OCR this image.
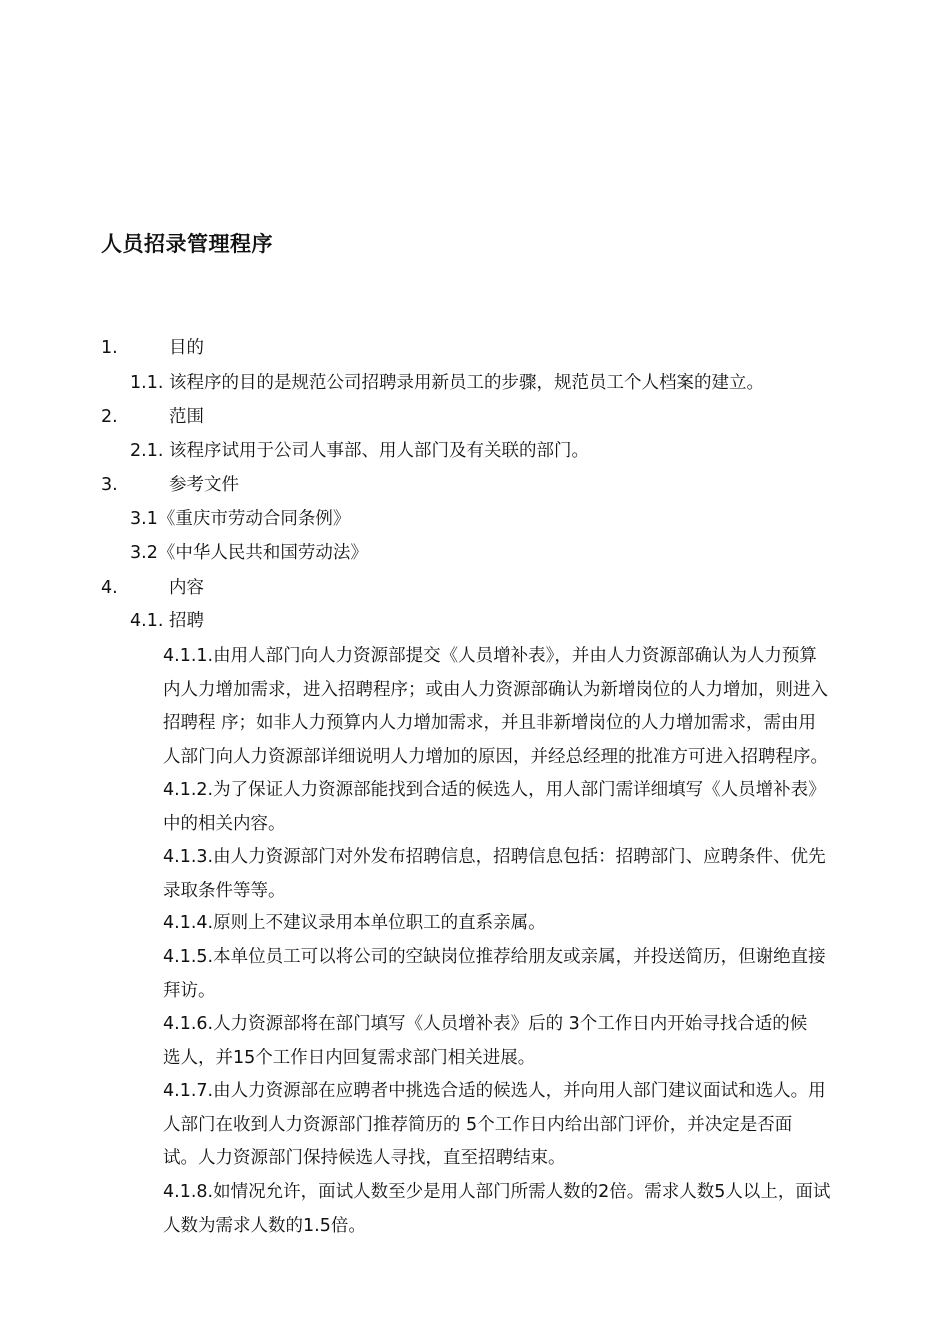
人员招录管理程序
1.	目的
1.1. 该程序的目的是规范公司招聘录用新员工的步骤，规范员工个人档案的建立。
2.	范围
2.1. 该程序试用于公司人事部、用人部门及有关联的部门。
3.	参考文件
3.1《重庆市劳动合同条例》
3.2《中华人民共和国劳动法》
4.	内容
4.1. 招聘
4.1.1.由用人部门向人力资源部提交《人员增补表》，并由人力资源部确认为人力预算
内人力增加需求，进入招聘程序；或由人力资源部确认为新增岗位的人力增加，则进入
招聘程 序；如非人力预算内人力增加需求，并且非新增岗位的人力增加需求，需由用
人部门向人力资源部详细说明人力增加的原因，并经总经理的批准方可进入招聘程序。
4.1.2.为了保证人力资源部能找到合适的候选人，用人部门需详细填写《人员增补表》
中的相关内容。
4.1.3.由人力资源部门对外发布招聘信息，招聘信息包括：招聘部门、应聘条件、优先
录取条件等等。
4.1.4.原则上不建议录用本单位职工的直系亲属。
4.1.5.本单位员工可以将公司的空缺岗位推荐给朋友或亲属，并投送简历，但谢绝直接
拜访。
4.1.6.人力资源部将在部门填写《人员增补表》后的 3个工作日内开始寻找合适的候
选人，并15个工作日内回复需求部门相关进展。
4.1.7.由人力资源部在应聘者中挑选合适的候选人，并向用人部门建议面试和选人。用
人部门在收到人力资源部门推荐简历的 5个工作日内给出部门评价，并决定是否面
试。人力资源部门保持候选人寻找，直至招聘结束。
4.1.8.如情况允许，面试人数至少是用人部门所需人数的2倍。需求人数5人以上，面试
人数为需求人数的1.5倍。
